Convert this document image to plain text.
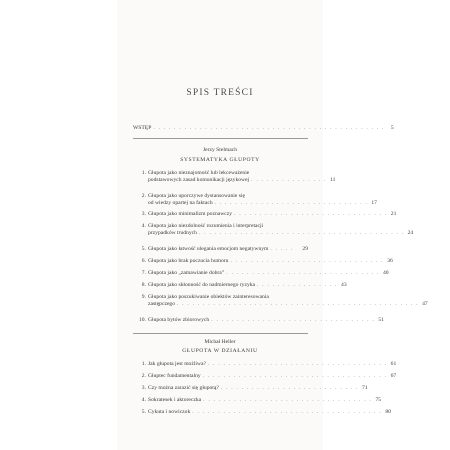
SPIS TREŚCI
WSTĘP . . . . . . . . . . . . . . . . . . . . . . . . . . . . . . . . . . . . . . . . . . . . .	5
Jerzy Stelmach
SYSTEMATYKA GŁUPOTY
1. Głupota jako nieznajomość lub lekceważenie
podstawowych zasad komunikacji językowej . . . . . . . . . . . . . . . 11
2. Głupota jako uporczywe dystansowanie się
od wiedzy opartej na faktach . . . . . . . . . . . . . . . . . . . . . . . . . . . . . . 17
3. Głupota jako minimalizm poznawczy . . . . . . . . . . . . . . . . . . . . . . . . . . . . . . 21
4. Głupota jako niezdolność rozumienia i interpretacji
przypadków trudnych . . . . . . . . . . . . . . . . . . . . . . . . . . . . . . . . . . . . . . . . 24
5. Głupota jako łatwość ulegania emocjom negatywnym . . . . .	29
6. Głupota jako brak poczucia humoru . . . . . . . . . . . . . . . . . . . . . . . . . . . . . . 36
7. Głupota jako „zamawianie dobra” . . . . . . . . . . . . . . . . . . . . . . . . . . . . . . 40
8. Głupota jako skłonność do nadmiernego ryzyka . . . . . . . . . . . . . . . . 43
9. Głupota jako poszukiwanie obiektów zainteresowania
zastępczego . . . . . . . . . . . . . . . . . . . . . . . . . . . . . . . . . . . . . . . . . . . . . . . 47
10. Głupota bytów zbiorowych . . . . . . . . . . . . . . . . . . . . . . . . . . . . . . . . 51
Michał Heller
GŁUPOTA W DZIAŁANIU
1. Jak głupota jest możliwa? . . . . . . . . . . . . . . . . . . . . . . . . . . . . . . . . . . . 61
2. Głuptec fundamentalny . . . . . . . . . . . . . . . . . . . . . . . . . . . . . . . . . . . . 67
3. Czy można zarazić się głupotą? . . . . . . . . . . . . . . . . . . . . . . . . . . . 71
4. Sokratesek i aktoreczka . . . . . . . . . . . . . . . . . . . . . . . . . . . . . . . . . 75
5. Cykuta i nowiczok . . . . . . . . . . . . . . . . . . . . . . . . . . . . . . . . . . . . . 80
